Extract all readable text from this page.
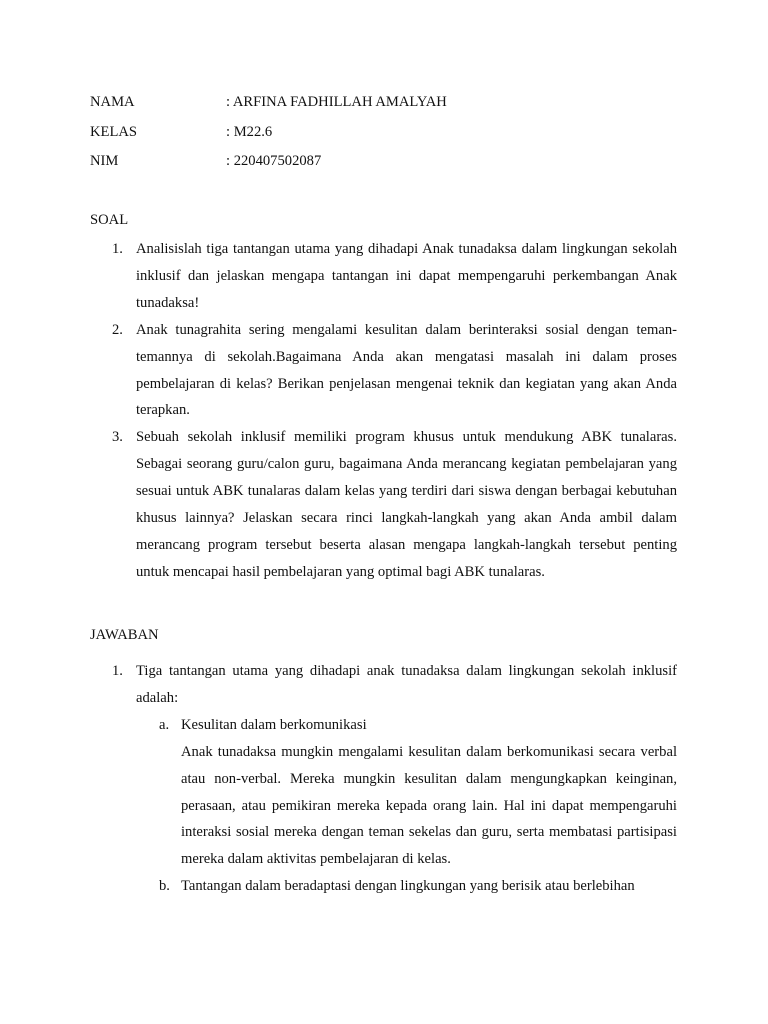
NAMA	: ARFINA FADHILLAH AMALYAH
KELAS	: M22.6
NIM	: 220407502087
SOAL
1. Analisislah tiga tantangan utama yang dihadapi Anak tunadaksa dalam lingkungan sekolah inklusif dan jelaskan mengapa tantangan ini dapat mempengaruhi perkembangan Anak tunadaksa!
2. Anak tunagrahita sering mengalami kesulitan dalam berinteraksi sosial dengan teman-temannya di sekolah.Bagaimana Anda akan mengatasi masalah ini dalam proses pembelajaran di kelas? Berikan penjelasan mengenai teknik dan kegiatan yang akan Anda terapkan.
3. Sebuah sekolah inklusif memiliki program khusus untuk mendukung ABK tunalaras. Sebagai seorang guru/calon guru, bagaimana Anda merancang kegiatan pembelajaran yang sesuai untuk ABK tunalaras dalam kelas yang terdiri dari siswa dengan berbagai kebutuhan khusus lainnya? Jelaskan secara rinci langkah-langkah yang akan Anda ambil dalam merancang program tersebut beserta alasan mengapa langkah-langkah tersebut penting untuk mencapai hasil pembelajaran yang optimal bagi ABK tunalaras.
JAWABAN
1. Tiga tantangan utama yang dihadapi anak tunadaksa dalam lingkungan sekolah inklusif adalah:
a. Kesulitan dalam berkomunikasi
Anak tunadaksa mungkin mengalami kesulitan dalam berkomunikasi secara verbal atau non-verbal. Mereka mungkin kesulitan dalam mengungkapkan keinginan, perasaan, atau pemikiran mereka kepada orang lain. Hal ini dapat mempengaruhi interaksi sosial mereka dengan teman sekelas dan guru, serta membatasi partisipasi mereka dalam aktivitas pembelajaran di kelas.
b. Tantangan dalam beradaptasi dengan lingkungan yang berisik atau berlebihan
